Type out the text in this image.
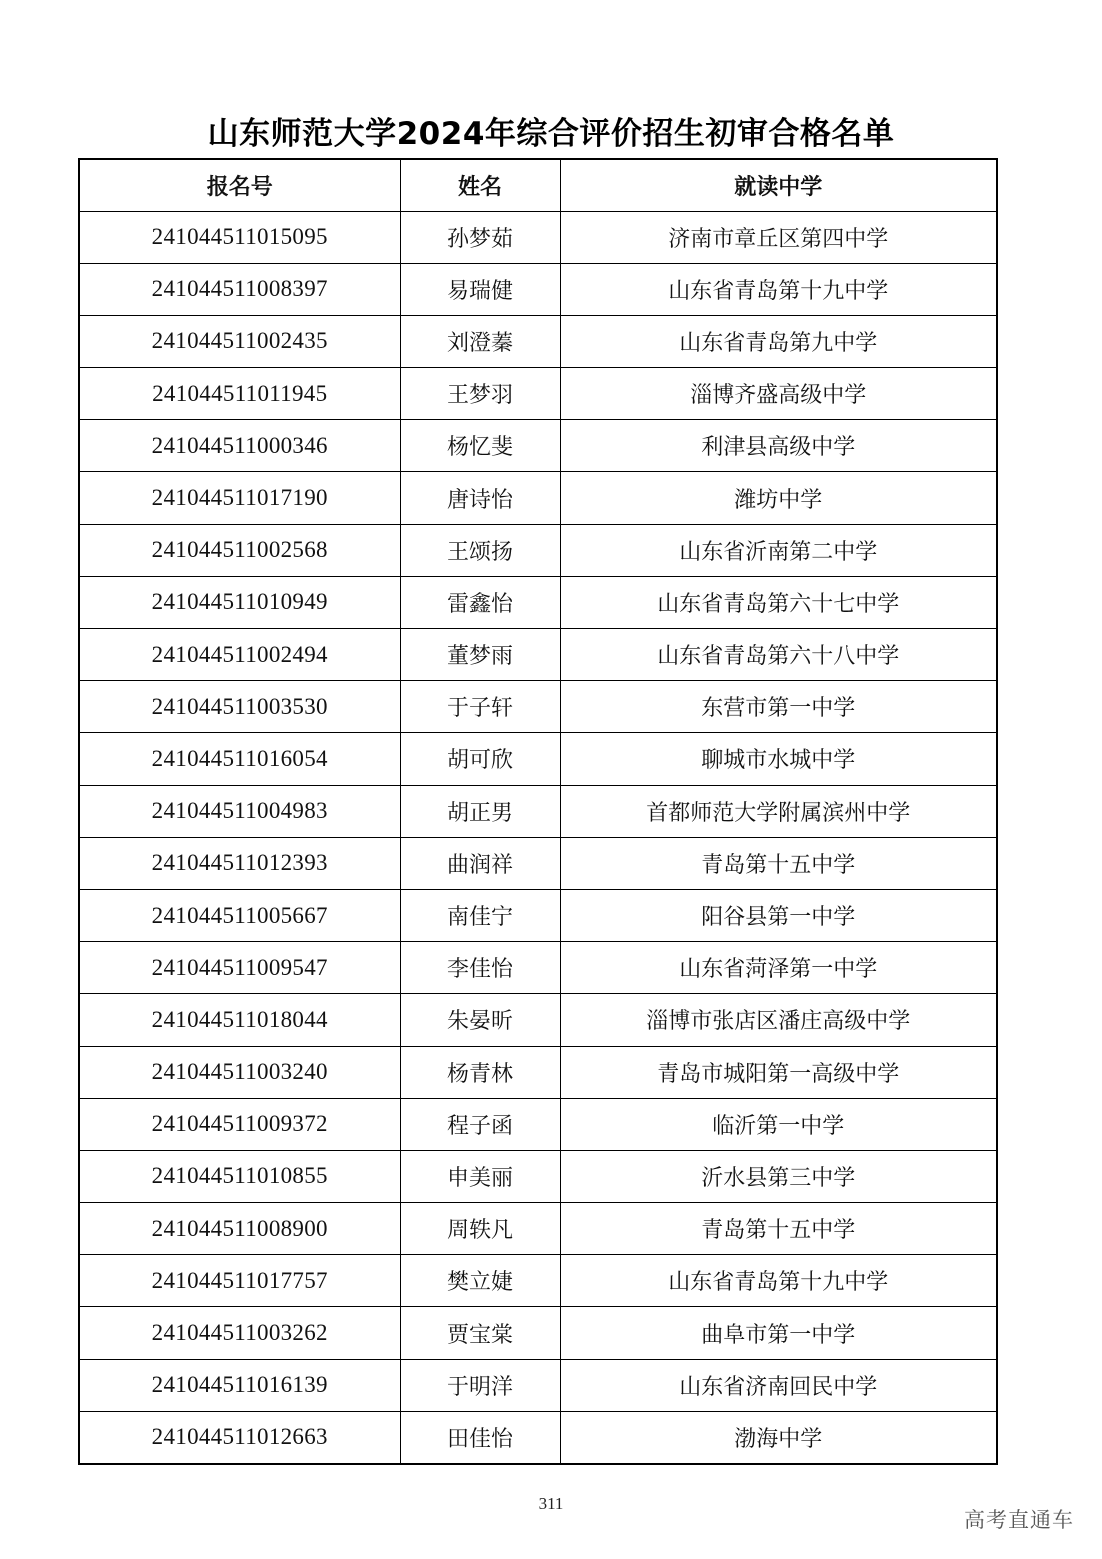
山东师范大学2024年综合评价招生初审合格名单
报名号	姓名	就读中学
241044511015095	孙梦茹	济南市章丘区第四中学
241044511008397	易瑞健	山东省青岛第十九中学
241044511002435	刘澄蓁	山东省青岛第九中学
241044511011945	王梦羽	淄博齐盛高级中学
241044511000346	杨忆斐	利津县高级中学
241044511017190	唐诗怡	潍坊中学
241044511002568	王颂扬	山东省沂南第二中学
241044511010949	雷鑫怡	山东省青岛第六十七中学
241044511002494	董梦雨	山东省青岛第六十八中学
241044511003530	于子轩	东营市第一中学
241044511016054	胡可欣	聊城市水城中学
241044511004983	胡正男	首都师范大学附属滨州中学
241044511012393	曲润祥	青岛第十五中学
241044511005667	南佳宁	阳谷县第一中学
241044511009547	李佳怡	山东省菏泽第一中学
241044511018044	朱晏昕	淄博市张店区潘庄高级中学
241044511003240	杨青林	青岛市城阳第一高级中学
241044511009372	程子函	临沂第一中学
241044511010855	申美丽	沂水县第三中学
241044511008900	周轶凡	青岛第十五中学
241044511017757	樊立婕	山东省青岛第十九中学
241044511003262	贾宝棠	曲阜市第一中学
241044511016139	于明洋	山东省济南回民中学
241044511012663	田佳怡	渤海中学
311
高考直通车
